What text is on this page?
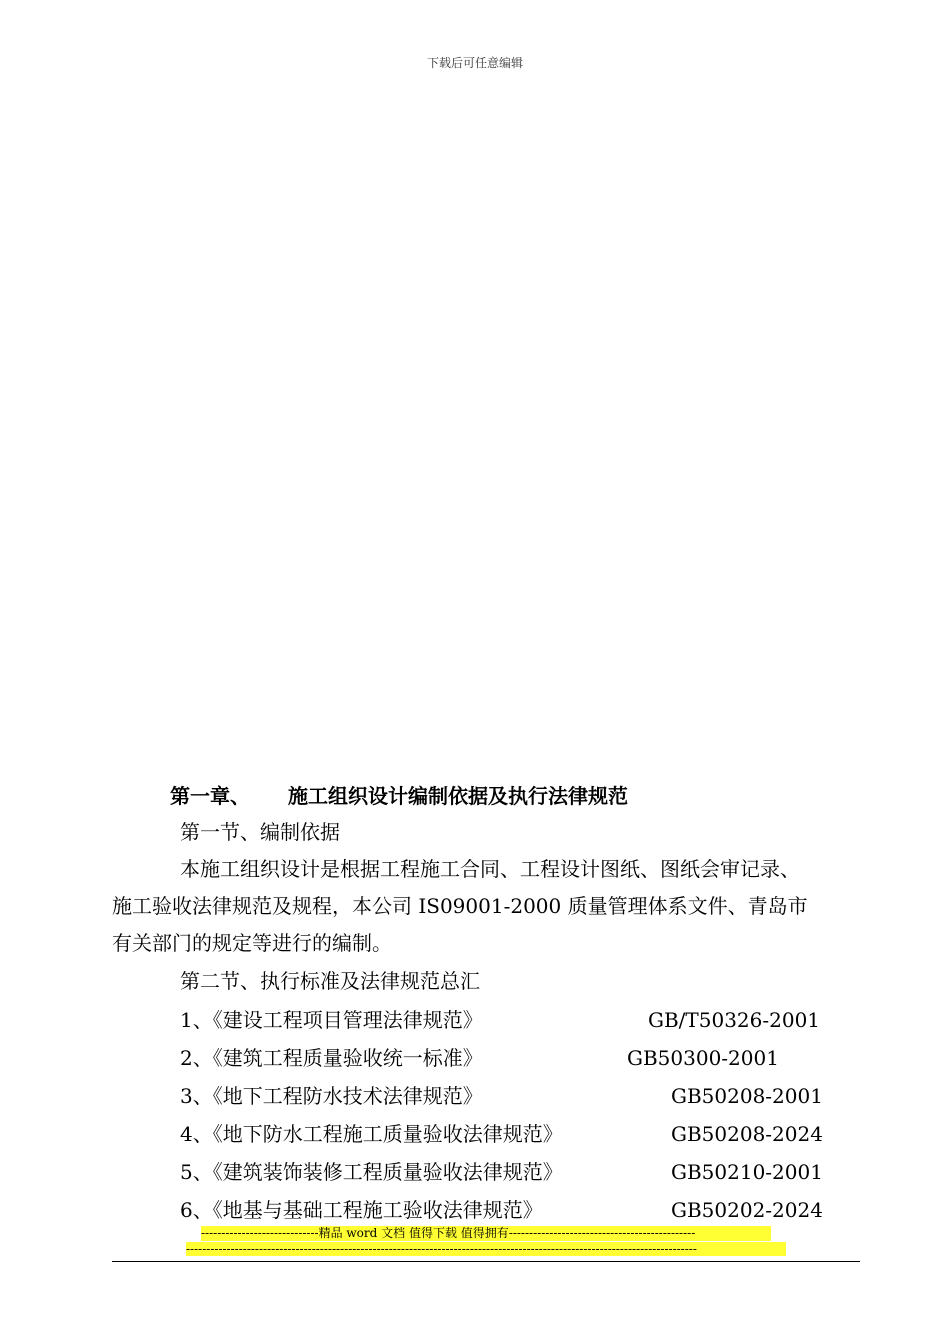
下载后可任意编辑
第一章、 施工组织设计编制依据及执行法律规范
第一节、编制依据
本施工组织设计是根据工程施工合同、工程设计图纸、图纸会审记录、
施工验收法律规范及规程，本公司 IS09001-2000 质量管理体系文件、青岛市
有关部门的规定等进行的编制。
第二节、执行标准及法律规范总汇
1、《建设工程项目管理法律规范》	GB/T50326-2001
2、《建筑工程质量验收统一标准》	GB50300-2001
3、《地下工程防水技术法律规范》	GB50208-2001
4、《地下防水工程施工质量验收法律规范》	GB50208-2024
5、《建筑装饰装修工程质量验收法律规范》	GB50210-2001
6、《地基与基础工程施工验收法律规范》	GB50202-2024
-----------------------------精品 word 文档 值得下载 值得拥有----------------------------------------------
------------------------------------------------------------------------------------------------------------------------------
